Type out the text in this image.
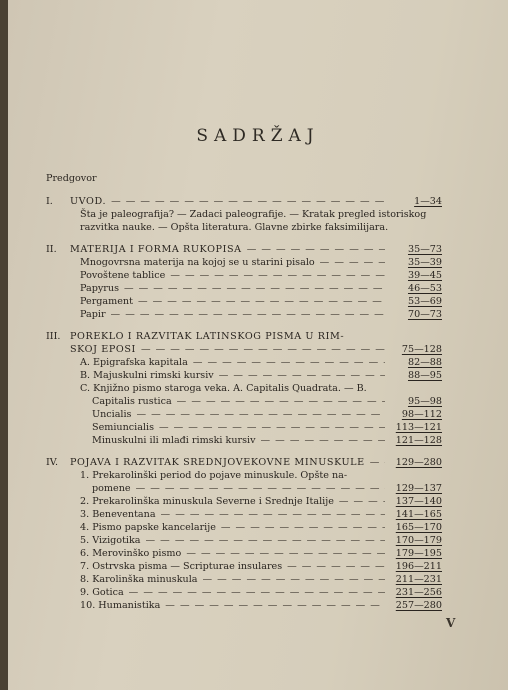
SADRŽAJ
Predgovor
I.	UVOD. — — —	1—34
Šta je paleografija? — Zadaci paleografije. — Kratak pregled istoriskog razvitka nauke. — Opšta literatura. Glavne zbirke faksimilijara.
II.	MATERIJA I FORMA RUKOPISA — — —	35—73
Mnogovrsna materija na kojoj se u starini pisalo — — —	35—39
Povoštene tablice — — —	39—45
Papyrus — — —	46—53
Pergament — — —	53—69
Papir — — —	70—73
III. POREKLO I RAZVITAK LATINSKOG PISMA U RIM-
SKOJ EPOSI — — —	75—128
A. Epigrafska kapitala — — —	82—88
B. Majuskulni rimski kursiv — — —	88—95
C. Knjižno pismo staroga veka. A. Capitalis Quadrata. — B.
Capitalis rustica — — —	95—98
Uncialis — — —	98—112
Semiuncialis — — —	113—121
Minuskulni ili mlađi rimski kursiv — — —	121—128
IV.	POJAVA I RAZVITAK SREDNJOVEKOVNE MINUSKULE — — —	129—280
1. Prekarolinški period do pojave minuskule. Opšte na-
pomene — — —	129—137
2. Prekarolinška minuskula Severne i Srednje Italije — — —	137—140
3. Beneventana — — —	141—165
4. Pismo papske kancelarije — — —	165—170
5. Vizigotika — — —	170—179
6. Merovinško pismo — — —	179—195
7. Ostrvska pisma — Scripturae insulares — — —	196—211
8. Karolinška minuskula — — —	211—231
9. Gotica — — —	231—256
10. Humanistika — — —	257—280
V
